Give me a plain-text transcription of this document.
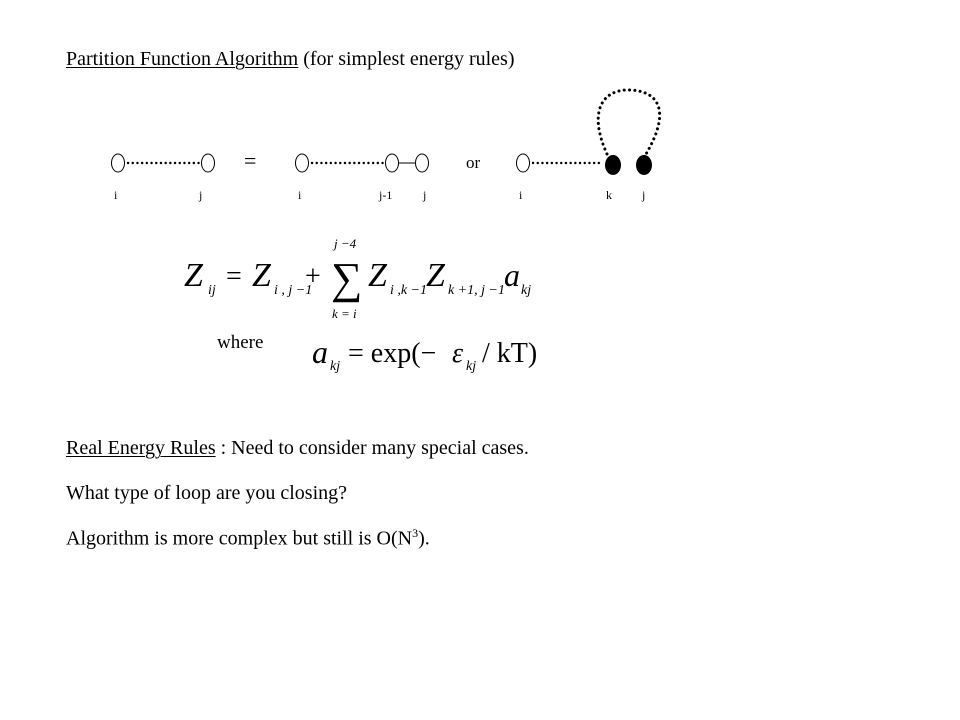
Partition Function Algorithm (for simplest energy rules)
=	or
i	j	i	j-1	j	i	k	j
Z ij = Z i , j −1
+
j −4
∑
k = i
Z i ,k −1
Z k +1, j −1 a kj
where a kj = exp(− ε kj / kT)
Real Energy Rules : Need to consider many special cases.
What type of loop are you closing?
Algorithm is more complex but still is $O(N^3)$.
